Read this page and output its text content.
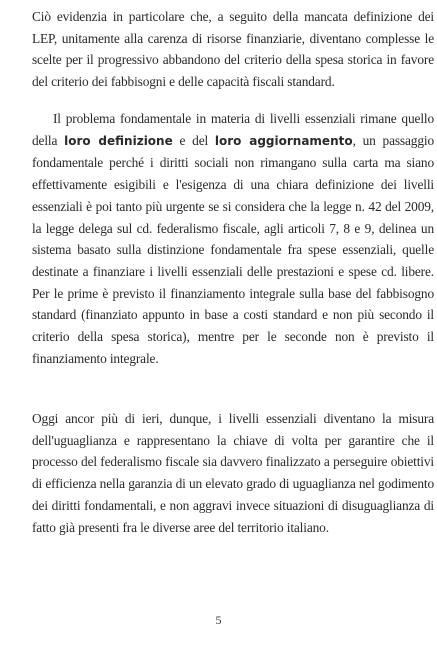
Ciò evidenzia in particolare che, a seguito della mancata definizione dei LEP, unitamente alla carenza di risorse finanziarie, diventano complesse le scelte per il progressivo abbandono del criterio della spesa storica in favore del criterio dei fabbisogni e delle capacità fiscali standard.

Il problema fondamentale in materia di livelli essenziali rimane quello della loro definizione e del loro aggiornamento, un passaggio fondamentale perché i diritti sociali non rimangano sulla carta ma siano effettivamente esigibili e l'esigenza di una chiara definizione dei livelli essenziali è poi tanto più urgente se si considera che la legge n. 42 del 2009, la legge delega sul cd. federalismo fiscale, agli articoli 7, 8 e 9, delinea un sistema basato sulla distinzione fondamentale fra spese essenziali, quelle destinate a finanziare i livelli essenziali delle prestazioni e spese cd. libere. Per le prime è previsto il finanziamento integrale sulla base del fabbisogno standard (finanziato appunto in base a costi standard e non più secondo il criterio della spesa storica), mentre per le seconde non è previsto il finanziamento integrale.

Oggi ancor più di ieri, dunque, i livelli essenziali diventano la misura dell'uguaglianza e rappresentano la chiave di volta per garantire che il processo del federalismo fiscale sia davvero finalizzato a perseguire obiettivi di efficienza nella garanzia di un elevato grado di uguaglianza nel godimento dei diritti fondamentali, e non aggravi invece situazioni di disuguaglianza di fatto già presenti fra le diverse aree del territorio italiano.

5
